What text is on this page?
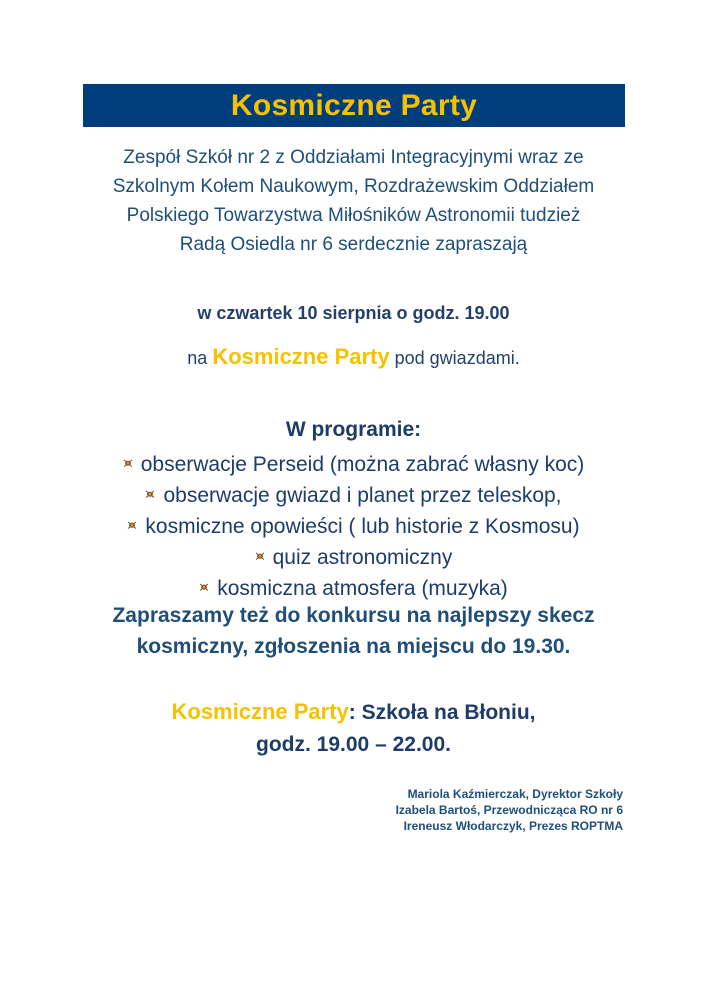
Kosmiczne Party
Zespół Szkół nr 2 z Oddziałami Integracyjnymi wraz ze
Szkolnym Kołem Naukowym, Rozdrażewskim Oddziałem
Polskiego Towarzystwa Miłośników Astronomii tudzież
Radą Osiedla nr 6 serdecznie zapraszają
w czwartek 10 sierpnia o godz. 19.00
na Kosmiczne Party pod gwiazdami.
W programie:
obserwacje Perseid (można zabrać własny koc)
obserwacje gwiazd i planet przez teleskop,
kosmiczne opowieści ( lub historie z Kosmosu)
quiz astronomiczny
kosmiczna atmosfera (muzyka)
Zapraszamy też do konkursu na najlepszy skecz
kosmiczny, zgłoszenia na miejscu do 19.30.
Kosmiczne Party: Szkoła na Błoniu,
godz. 19.00 – 22.00.
Mariola Kaźmierczak, Dyrektor Szkoły
Izabela Bartoś, Przewodnicząca RO nr 6
Ireneusz Włodarczyk, Prezes ROPTMA
